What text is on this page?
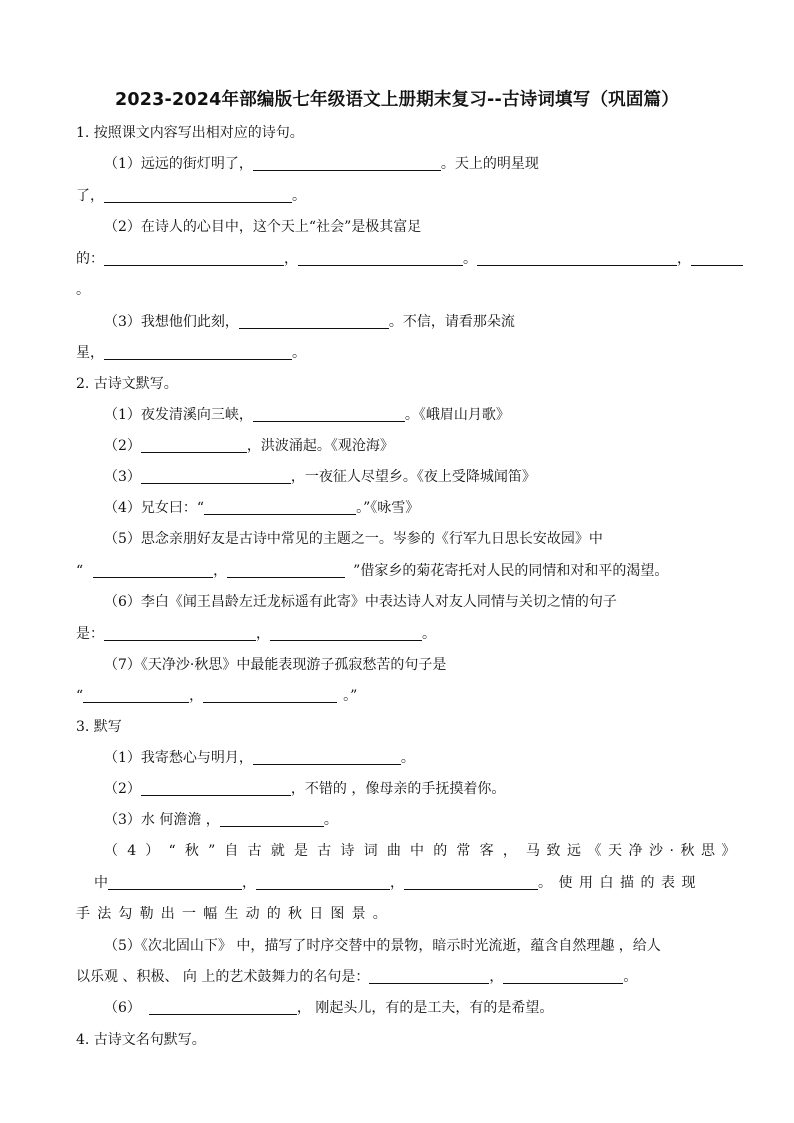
2023-2024年部编版七年级语文上册期末复习--古诗词填写（巩固篇）
1. 按照课文内容写出相对应的诗句。
（1）远远的街灯明了，	。天上的明星现
了，	。
（2）在诗人的心目中，这个天上“社会”是极其富足
的：	，	。	，
。
（3）我想他们此刻，	。不信，请看那朵流
星，	。
2. 古诗文默写。
（1）夜发清溪向三峡，	。《峨眉山月歌》
（2）	，洪波涌起。《观沧海》
（3）	，一夜征人尽望乡。《夜上受降城闻笛》
（4）兄女曰：“	。”《咏雪》
（5）思念亲朋好友是古诗中常见的主题之一。岑参的《行军九日思长安故园》中
“	，	”借家乡的菊花寄托对人民的同情和对和平的渴望。
（6）李白《闻王昌龄左迁龙标遥有此寄》中表达诗人对友人同情与关切之情的句子
是：	，	。
（7）《天净沙·秋思》中最能表现游子孤寂愁苦的句子是
“	，	。”
3. 默写
（1）我寄愁心与明月，	。
（2）	，不错的 ，像母亲的手抚摸着你。
（3）水 何澹澹 ，	。
（4）“秋”自古就是古诗词曲中的常客，马致远《天净沙·秋思》
中	，	，	。使用白描的表现
手法勾勒出一幅生动的秋日图景。
（5）《次北固山下》 中，描写了时序交替中的景物，暗示时光流逝，蕴含自然理趣 ，给人
以乐观 、积极、 向 上的艺术鼓舞力的名句是：	，	。
（6）	， 刚起头儿，有的是工夫，有的是希望。
4. 古诗文名句默写。
